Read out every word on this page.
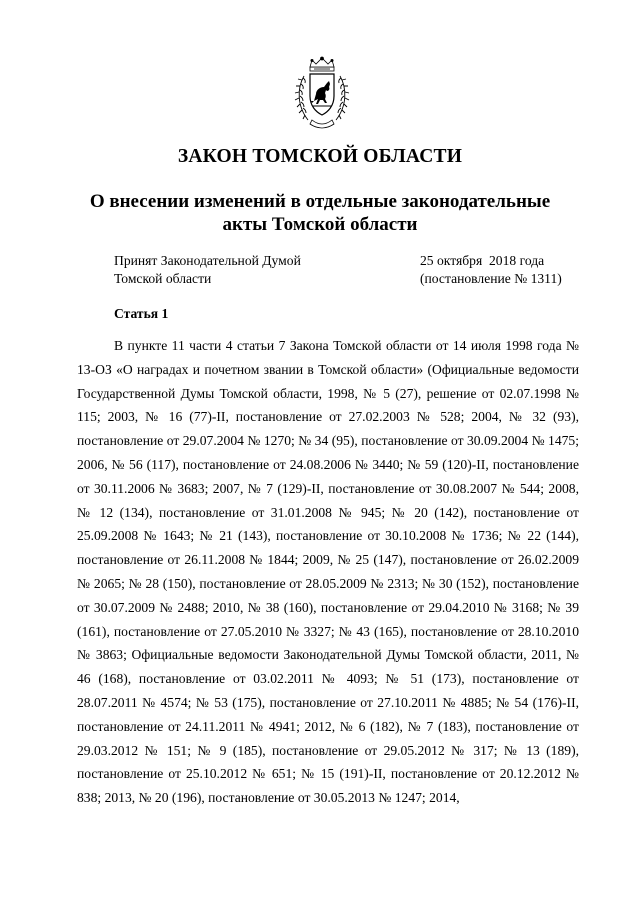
ЗАКОН ТОМСКОЙ ОБЛАСТИ
О внесении изменений в отдельные законодательные
акты Томской области
Принят Законодательной Думой
Томской области
25 октября  2018 года
(постановление № 1311)
Статья 1

В пункте 11 части 4 статьи 7 Закона Томской области от 14 июля 1998 года № 13-ОЗ «О наградах и почетном звании в Томской области» (Официальные ведомости Государственной Думы Томской области, 1998, № 5 (27), решение от 02.07.1998 № 115; 2003, № 16 (77)-II, постановление от 27.02.2003 № 528; 2004, № 32 (93), постановление от 29.07.2004 № 1270; № 34 (95), постановление от 30.09.2004 № 1475; 2006, № 56 (117), постановление от 24.08.2006 № 3440; № 59 (120)-II, постановление от 30.11.2006 № 3683; 2007, № 7 (129)-II, постановление от 30.08.2007 № 544; 2008, № 12 (134), постановление от 31.01.2008 № 945; № 20 (142), постановление от 25.09.2008 № 1643; № 21 (143), постановление от 30.10.2008 № 1736; № 22 (144), постановление от 26.11.2008 № 1844; 2009, № 25 (147), постановление от 26.02.2009 № 2065; № 28 (150), постановление от 28.05.2009 № 2313; № 30 (152), постановление от 30.07.2009 № 2488; 2010, № 38 (160), постановление от 29.04.2010 № 3168; № 39 (161), постановление от 27.05.2010 № 3327; № 43 (165), постановление от 28.10.2010 № 3863; Официальные ведомости Законодательной Думы Томской области, 2011, № 46 (168), постановление от 03.02.2011 № 4093; № 51 (173), постановление от 28.07.2011 № 4574; № 53 (175), постановление от 27.10.2011 № 4885; № 54 (176)-II, постановление от 24.11.2011 № 4941; 2012, № 6 (182), № 7 (183), постановление от 29.03.2012 № 151; № 9 (185), постановление от 29.05.2012 № 317; № 13 (189), постановление от 25.10.2012 № 651; № 15 (191)-II, постановление от 20.12.2012 № 838; 2013, № 20 (196), постановление от 30.05.2013 № 1247; 2014,
